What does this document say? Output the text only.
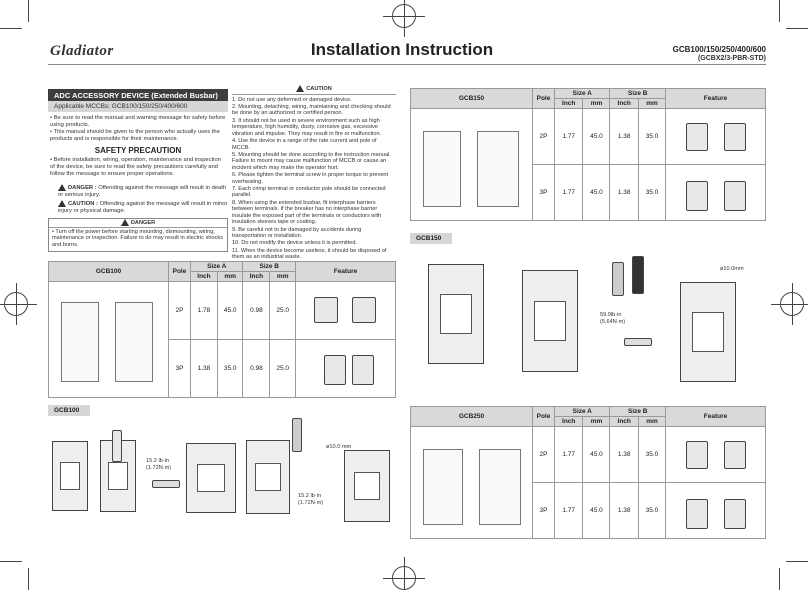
Gladiator	Installation Instruction	GCB100/150/250/400/600
(GCBX2/3-PBR-STD)
ADC ACCESSORY DEVICE (Extended Busbar)
Applicable MCCBs: GCB100/150/250/400/600
• Be sure to read the manual and warning message for safety before using products.
• This manual should be given to the person who actually uses the products and is responsible for their maintenance.
SAFETY PRECAUTION
• Before installation, wiring, operation, maintenance and inspection of the device, be sure to read the safety precautions carefully and follow the message to ensure proper operations.
DANGER : Offending against the message will result in death or serious injury.
CAUTION : Offending against the message will result in minor injury or physical damage.
DANGER
• Turn off the power before starting mounting, dismounting, wiring, maintenance or inspection. Failure to do may result in electric shocks and burns.
CAUTION
1. Do not use any deformed or damaged device.
2. Mounting, detaching, wiring, maintaining and checking should be done by an authorized or certified person.
3. It should not be used in severe environment such as high temperature, high humidity, dusty, corrosive gas, excessive vibration and impulse. They may result in fire or malfunction.
4. Use the device in a range of the rate current and pole of MCCB.
5. Mounting should be done according to the instruction manual. Failure to mount may cause malfunction of MCCB or cause an incident which may make the operator hurt.
6. Please tighten the terminal screw in proper torque to prevent overheating.
7. Each crimp terminal or conductor pole should be connected parallel.
8. When using the extended busbar, fit interphase barriers between terminals. If the breaker has no interphase barrier insulate the exposed part of the terminals or conductors with insulation sleeves tape or coating.
9. Be careful not to be damaged by accidents during transportation or installation.
10. Do not modify the device unless it is permitted.
11. When the device become useless, it should be disposed of them as an industrial waste.
GCB100	Pole	Size A		Size B		Feature
		Inch	mm	Inch	mm	

	2P	1.78	45.0	0.98	25.0	

	3P	1.38	35.0	0.98	25.0	
GCB100
15.2 lb·in
(1.72N·m)
ø10.0 mm
15.2 lb·in
(1.72N·m)
GCB150	Pole	Size A		Size B		Feature
		Inch	mm	Inch	mm	

	2P	1.77	45.0	1.38	35.0	

	3P	1.77	45.0	1.38	35.0	
GCB150
59.9lb·in
(5.64N·m)
ø10.0mm
GCB250	Pole	Size A		Size B		Feature
		Inch	mm	Inch	mm	

	2P	1.77	45.0	1.38	35.0	

	3P	1.77	45.0	1.38	35.0	
